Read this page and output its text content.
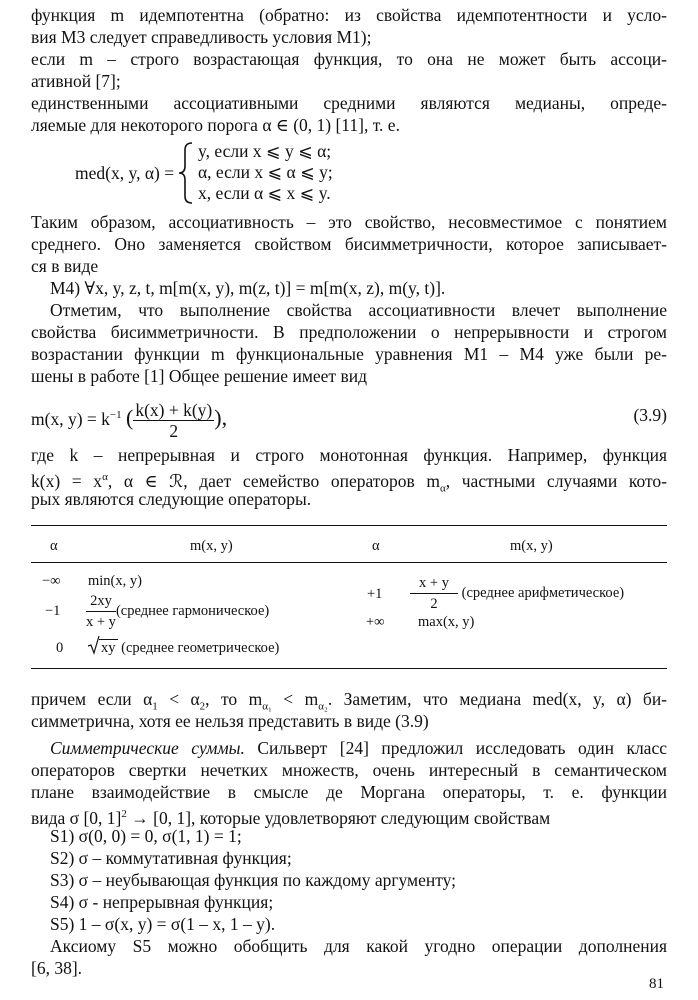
функция m идемпотентна (обратно: из свойства идемпотентности и усло-
вия M3 следует справедливость условия M1);
если m – строго возрастающая функция, то она не может быть ассоци-
ативной [7];
единственными ассоциативными средними являются медианы, опреде-
ляемые для некоторого порога α ∈ (0, 1) [11], т. е.
med(x, y, α) =
y, если x ⩽ y ⩽ α;
α, если x ⩽ α ⩽ y;
x, если α ⩽ x ⩽ y.
Таким образом, ассоциативность – это свойство, несовместимое с понятием
среднего. Оно заменяется свойством бисимметричности, которое записывает-
ся в виде
M4) ∀x, y, z, t, m[m(x, y), m(z, t)] = m[m(x, z), m(y, t)].
Отметим, что выполнение свойства ассоциативности влечет выполнение
свойства бисимметричности. В предположении о непрерывности и строгом
возрастании функции m функциональные уравнения M1 – M4 уже были ре-
шены в работе [1] Общее решение имеет вид
m(x, $y) = k^{-1}$ ( $\frac{k(x) + k(y)}{2}$ ),	(3.9)
где k – непрерывная и строго монотонная функция. Например, функция
$k(x) = x^\alpha$, α ∈ ℛ, дает семейство операторов $m_\alpha$, частными случаями кото-
рых являются следующие операторы.
α	m(x, y)	α	m(x, y)
−∞ min(x, y)
$-1 \frac{2xy}{x + y}$ (среднее гармоническое)
0	xy (среднее геометрическое)
$+1 \frac{x + y}{2}$ (среднее арифметическое)
+∞ max(x, y)
причем если $\alpha_1 < \alpha_2$, то $m_{\alpha_1} < m_{\alpha_2}$. Заметим, что медиана med(x, y, α) би-
симметрична, хотя ее нельзя представить в виде (3.9)
Симметрические суммы. Сильверт [24] предложил исследовать один класс
операторов свертки нечетких множеств, очень интересный в семантическом
плане взаимодействие в смысле де Моргана операторы, т. е. функции
вида σ [0, 1]$^2$ → [0, 1], которые удовлетворяют следующим свойствам
S1) σ(0, 0) = 0, σ(1, 1) = 1;
S2) σ – коммутативная функция;
S3) σ – неубывающая функция по каждому аргументу;
S4) σ - непрерывная функция;
S5) 1 – σ(x, y) = σ(1 – x, 1 – y).
Аксиому S5 можно обобщить для какой угодно операции дополнения
[6, 38].
81
